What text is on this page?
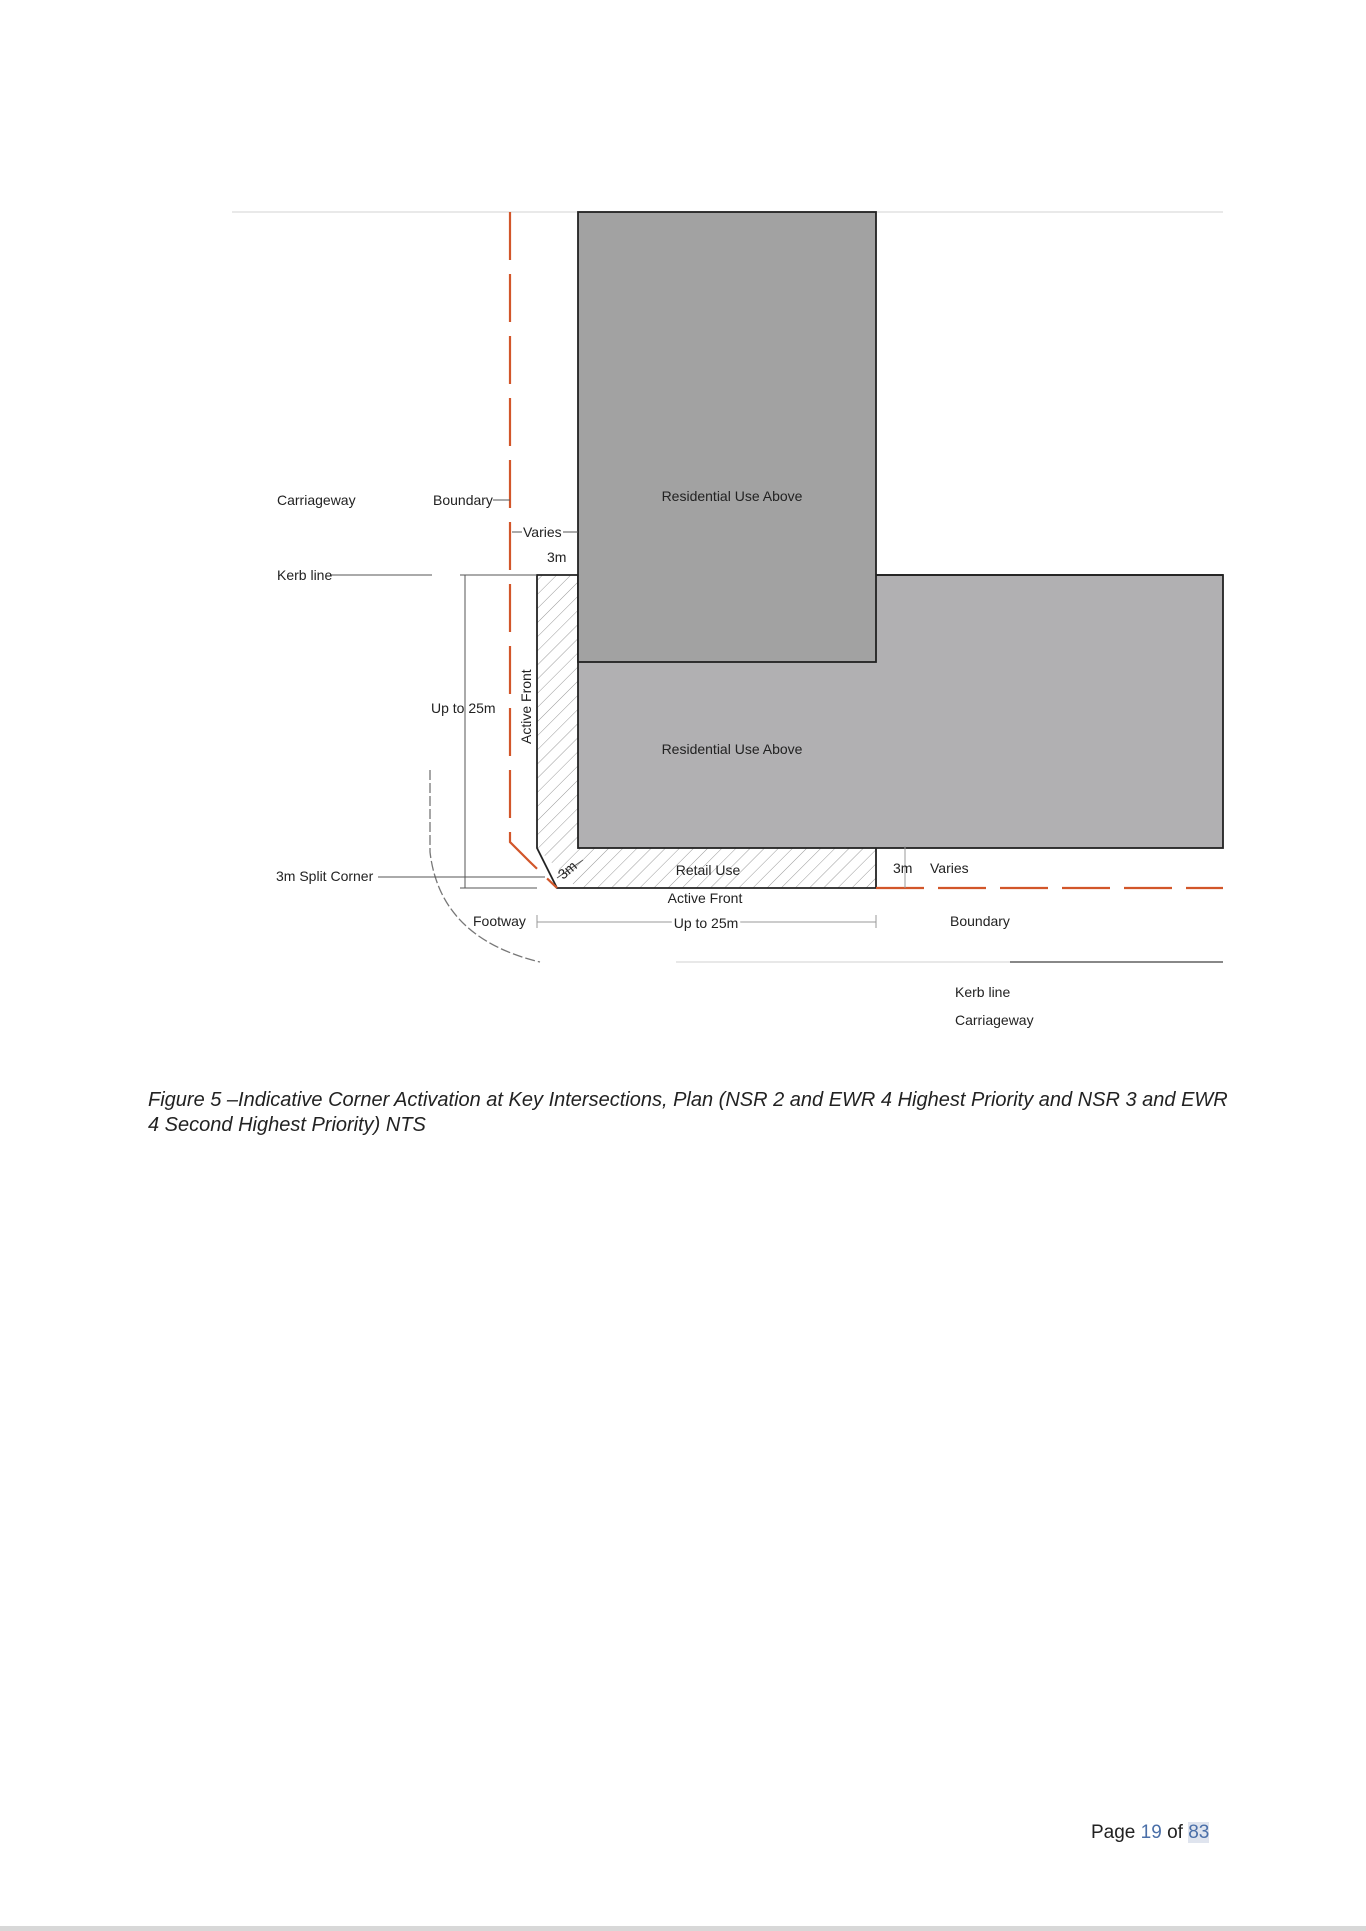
Carriageway	Boundary
Varies
3m
Kerb line
Up to 25m Active Front
Residential Use Above
Residential Use Above
3m Split Corner	3m	Retail Use	3m Varies
Footway
Active Front
Up to 25m	Boundary
Kerb line
Carriageway

Figure 5 –Indicative Corner Activation at Key Intersections, Plan (NSR 2 and EWR 4 Highest Priority and NSR 3 and EWR 4 Second Highest Priority) NTS

Page 19 of 83
